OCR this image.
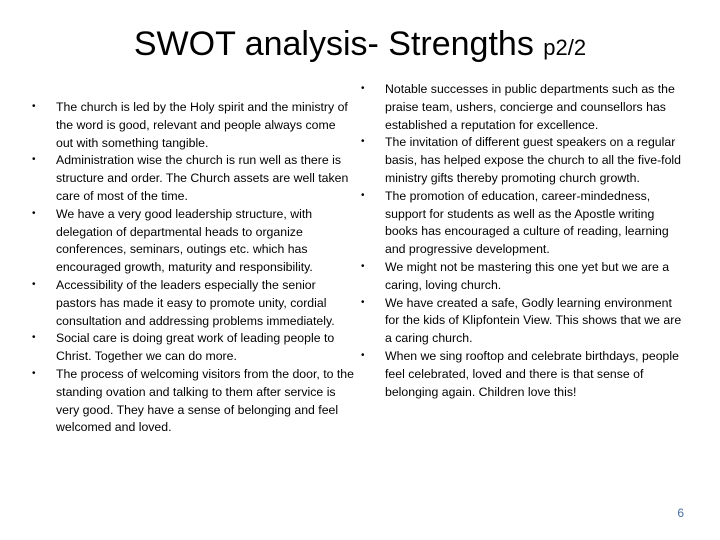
SWOT analysis- Strengths p2/2
• The church is led by the Holy spirit and the ministry of the word is good, relevant and people always come out with something tangible.
• Administration wise the church is run well as there is structure and order. The Church assets are well taken care of most of the time.
• We have a very good leadership structure, with delegation of departmental heads to organize conferences, seminars, outings etc. which has encouraged growth, maturity and responsibility.
• Accessibility of the leaders especially the senior pastors has made it easy to promote unity, cordial consultation and addressing problems immediately.
• Social care is doing great work of leading people to Christ. Together we can do more.
• The process of welcoming visitors from the door, to the standing ovation and talking to them after service is very good. They have a sense of belonging and feel welcomed and loved.
• Notable successes in public departments such as the praise team, ushers, concierge and counsellors has established a reputation for excellence.
• The invitation of different guest speakers on a regular basis, has helped expose the church to all the five-fold ministry gifts thereby promoting church growth.
• The promotion of education, career-mindedness, support for students as well as the Apostle writing books has encouraged a culture of reading, learning and progressive development.
• We might not be mastering this one yet but we are a caring, loving church.
• We have created a safe, Godly learning environment for the kids of Klipfontein View. This shows that we are a caring church.
• When we sing rooftop and celebrate birthdays, people feel celebrated, loved and there is that sense of belonging again. Children love this!
6
